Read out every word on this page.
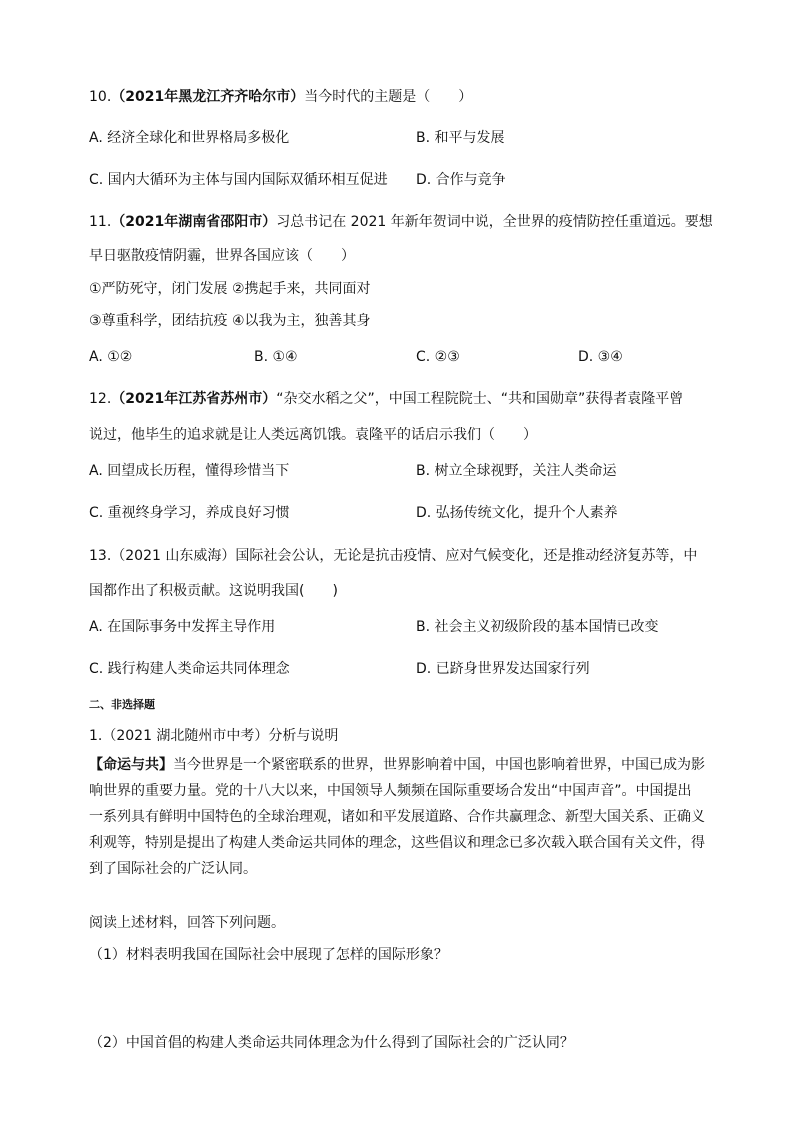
10.（2021年黑龙江齐齐哈尔市）当今时代的主题是（　　）
A. 经济全球化和世界格局多极化	B. 和平与发展
C. 国内大循环为主体与国内国际双循环相互促进 D. 合作与竞争
11.（2021年湖南省邵阳市）习总书记在 2021 年新年贺词中说，全世界的疫情防控任重道远。要想
早日驱散疫情阴霾，世界各国应该（　　）
①严防死守，闭门发展 ②携起手来，共同面对
③尊重科学，团结抗疫 ④以我为主，独善其身
A. ①②	B. ①④	C. ②③	D. ③④
12.（2021年江苏省苏州市）“杂交水稻之父”，中国工程院院士、“共和国勋章”获得者袁隆平曾
说过，他毕生的追求就是让人类远离饥饿。袁隆平的话启示我们（　　）
A. 回望成长历程，懂得珍惜当下	B. 树立全球视野，关注人类命运
C. 重视终身学习，养成良好习惯	D. 弘扬传统文化，提升个人素养
13.（2021 山东威海）国际社会公认，无论是抗击疫情、应对气候变化，还是推动经济复苏等，中
国都作出了积极贡献。这说明我国(　　)
A. 在国际事务中发挥主导作用	B. 社会主义初级阶段的基本国情已改变
C. 践行构建人类命运共同体理念	D. 已跻身世界发达国家行列
二、非选择题
1.（2021 湖北随州市中考）分析与说明
【命运与共】当今世界是一个紧密联系的世界，世界影响着中国，中国也影响着世界，中国已成为影响世界的重要力量。党的十八大以来，中国领导人频频在国际重要场合发出“中国声音”。中国提出一系列具有鲜明中国特色的全球治理观，诸如和平发展道路、合作共赢理念、新型大国关系、正确义利观等，特别是提出了构建人类命运共同体的理念，这些倡议和理念已多次载入联合国有关文件，得到了国际社会的广泛认同。
阅读上述材料，回答下列问题。
（1）材料表明我国在国际社会中展现了怎样的国际形象？
（2）中国首倡的构建人类命运共同体理念为什么得到了国际社会的广泛认同？
